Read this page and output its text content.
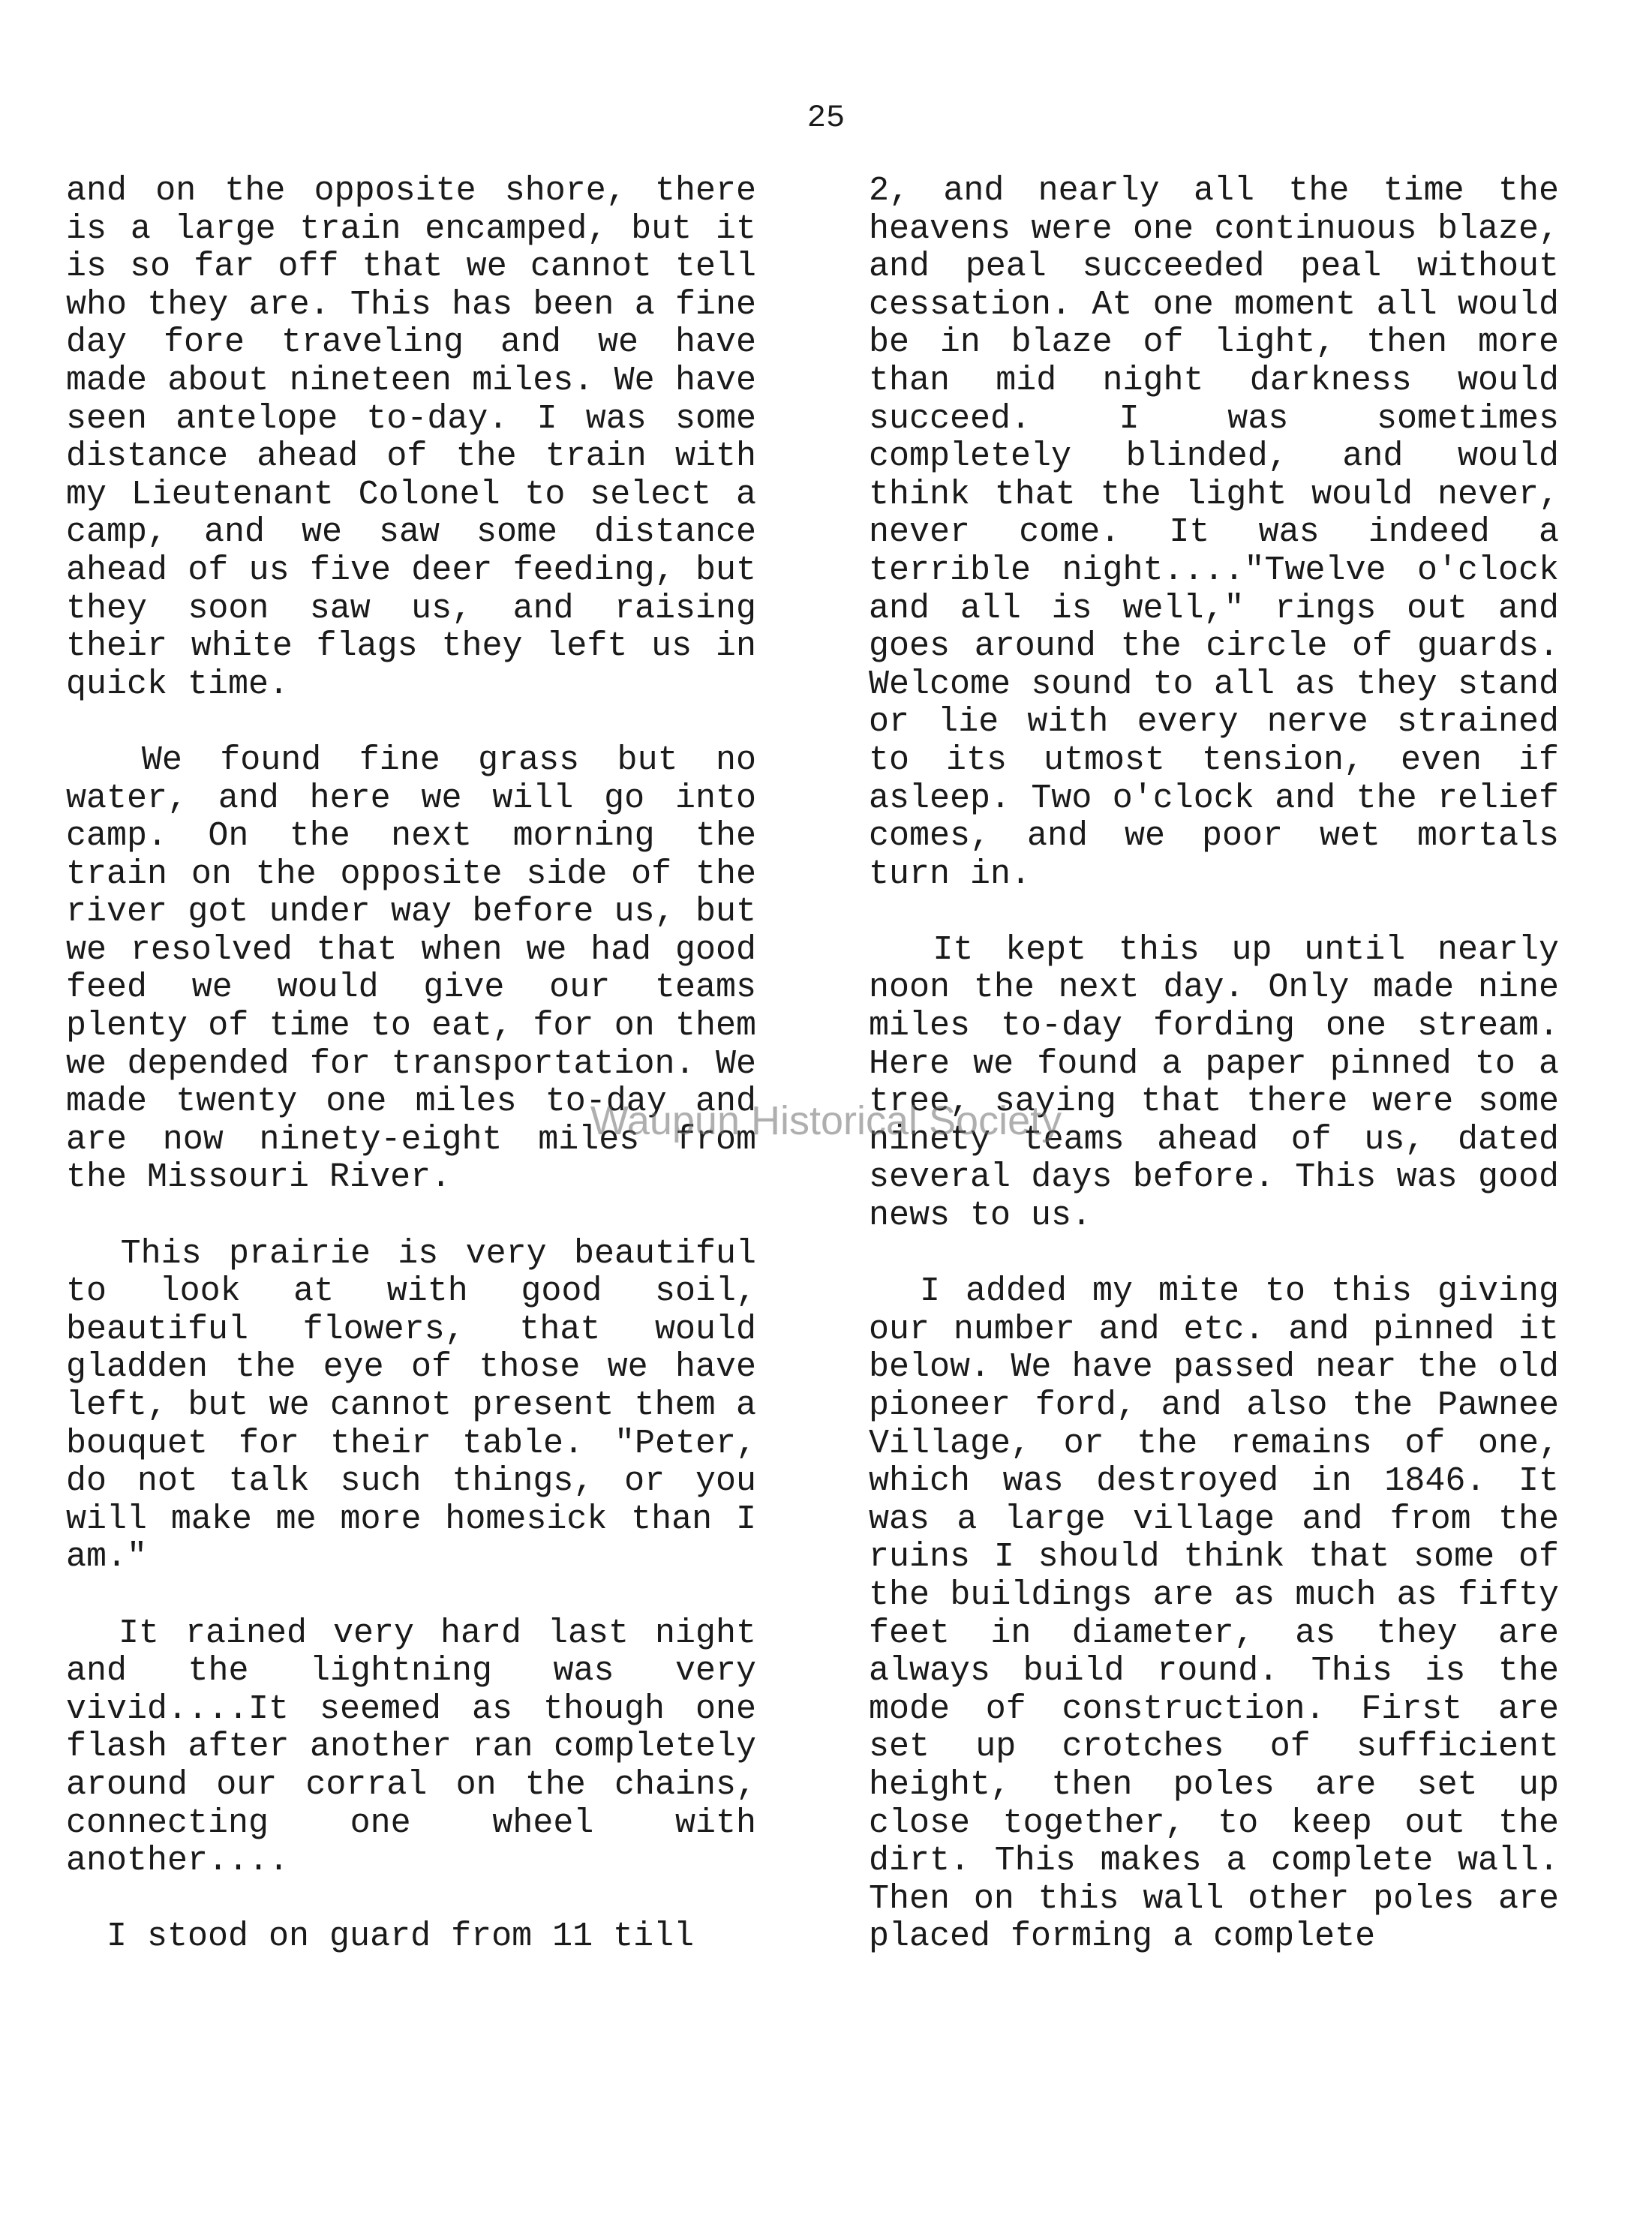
25

and on the opposite shore, there is a large train encamped, but it is so far off that we cannot tell who they are. This has been a fine day fore traveling and we have made about nineteen miles. We have seen antelope to-day. I was some distance ahead of the train with my Lieutenant Colonel to select a camp, and we saw some distance ahead of us five deer feeding, but they soon saw us, and raising their white flags they left us in quick time.

We found fine grass but no water, and here we will go into camp. On the next morning the train on the opposite side of the river got under way before us, but we resolved that when we had good feed we would give our teams plenty of time to eat, for on them we depended for transportation. We made twenty one miles to-day and are now ninety-eight miles from the Missouri River.

This prairie is very beautiful to look at with good soil, beautiful flowers, that would gladden the eye of those we have left, but we cannot present them a bouquet for their table. "Peter, do not talk such things, or you will make me more homesick than I am."

It rained very hard last night and the lightning was very vivid....It seemed as though one flash after another ran completely around our corral on the chains, connecting one wheel with another....

I stood on guard from 11 till

2, and nearly all the time the heavens were one continuous blaze, and peal succeeded peal without cessation. At one moment all would be in blaze of light, then more than mid night darkness would succeed. I was sometimes completely blinded, and would think that the light would never, never come. It was indeed a terrible night...."Twelve o'clock and all is well," rings out and goes around the circle of guards. Welcome sound to all as they stand or lie with every nerve strained to its utmost tension, even if asleep. Two o'clock and the relief comes, and we poor wet mortals turn in.

It kept this up until nearly noon the next day. Only made nine miles to-day fording one stream. Here we found a paper pinned to a tree, saying that there were some ninety teams ahead of us, dated several days before. This was good news to us.

I added my mite to this giving our number and etc. and pinned it below. We have passed near the old pioneer ford, and also the Pawnee Village, or the remains of one, which was destroyed in 1846. It was a large village and from the ruins I should think that some of the buildings are as much as fifty feet in diameter, as they are always build round. This is the mode of construction. First are set up crotches of sufficient height, then poles are set up close together, to keep out the dirt. This makes a complete wall. Then on this wall other poles are placed forming a complete

Waupun Historical Society
